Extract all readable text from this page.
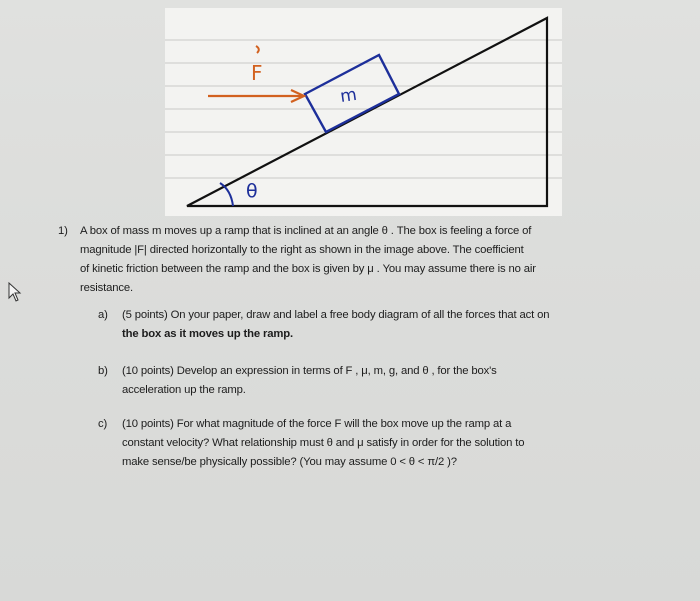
F
m
θ
1) A box of mass m moves up a ramp that is inclined at an angle θ . The box is feeling a force of
magnitude |F| directed horizontally to the right as shown in the image above. The coefficient
of kinetic friction between the ramp and the box is given by μ . You may assume there is no air
resistance.
a) (5 points) On your paper, draw and label a free body diagram of all the forces that act on
the box as it moves up the ramp.
b) (10 points) Develop an expression in terms of F , μ, m, g, and θ , for the box's
acceleration up the ramp.
c) (10 points) For what magnitude of the force F will the box move up the ramp at a
constant velocity? What relationship must θ and μ satisfy in order for the solution to
make sense/be physically possible? (You may assume 0 < θ < π/2 )?
